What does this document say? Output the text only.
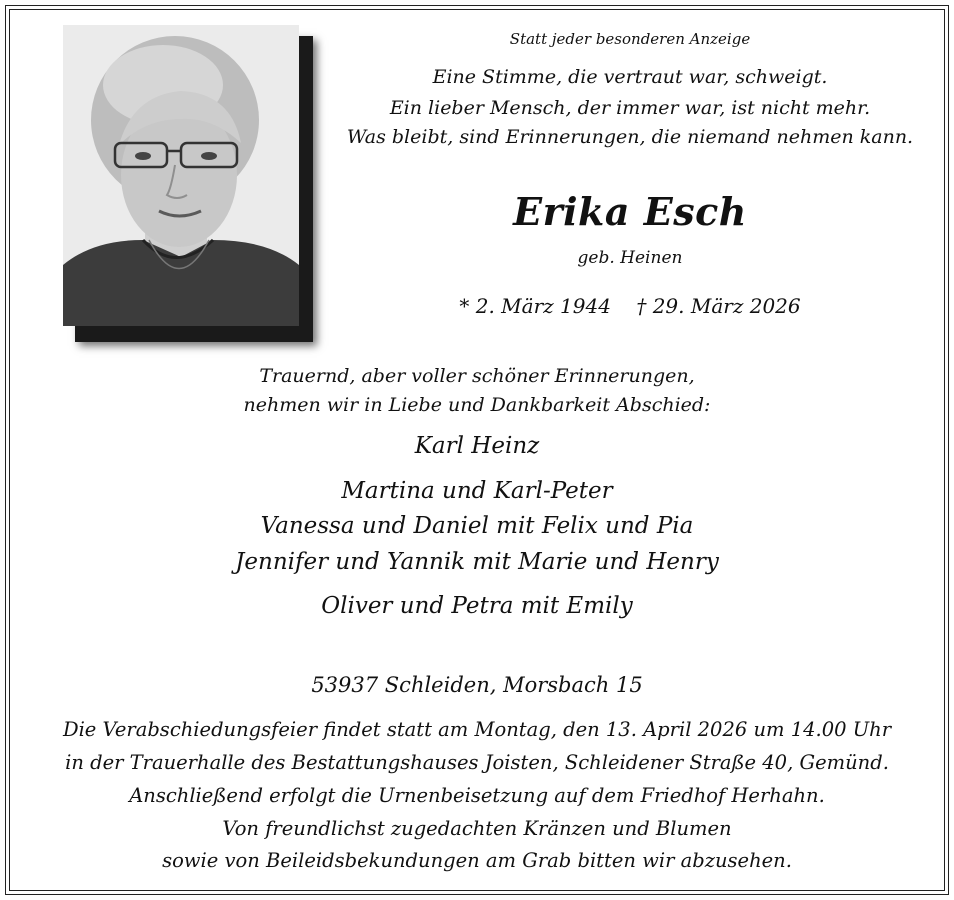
Statt jeder besonderen Anzeige
Eine Stimme, die vertraut war, schweigt.
Ein lieber Mensch, der immer war, ist nicht mehr.
Was bleibt, sind Erinnerungen, die niemand nehmen kann.
Erika Esch
geb. Heinen
* 2. März 1944    † 29. März 2026
Trauernd, aber voller schöner Erinnerungen,
nehmen wir in Liebe und Dankbarkeit Abschied:
Karl Heinz
Martina und Karl-Peter
Vanessa und Daniel mit Felix und Pia
Jennifer und Yannik mit Marie und Henry
Oliver und Petra mit Emily
53937 Schleiden, Morsbach 15
Die Verabschiedungsfeier findet statt am Montag, den 13. April 2026 um 14.00 Uhr
in der Trauerhalle des Bestattungshauses Joisten, Schleidener Straße 40, Gemünd.
Anschließend erfolgt die Urnenbeisetzung auf dem Friedhof Herhahn.
Von freundlichst zugedachten Kränzen und Blumen
sowie von Beileidsbekundungen am Grab bitten wir abzusehen.
